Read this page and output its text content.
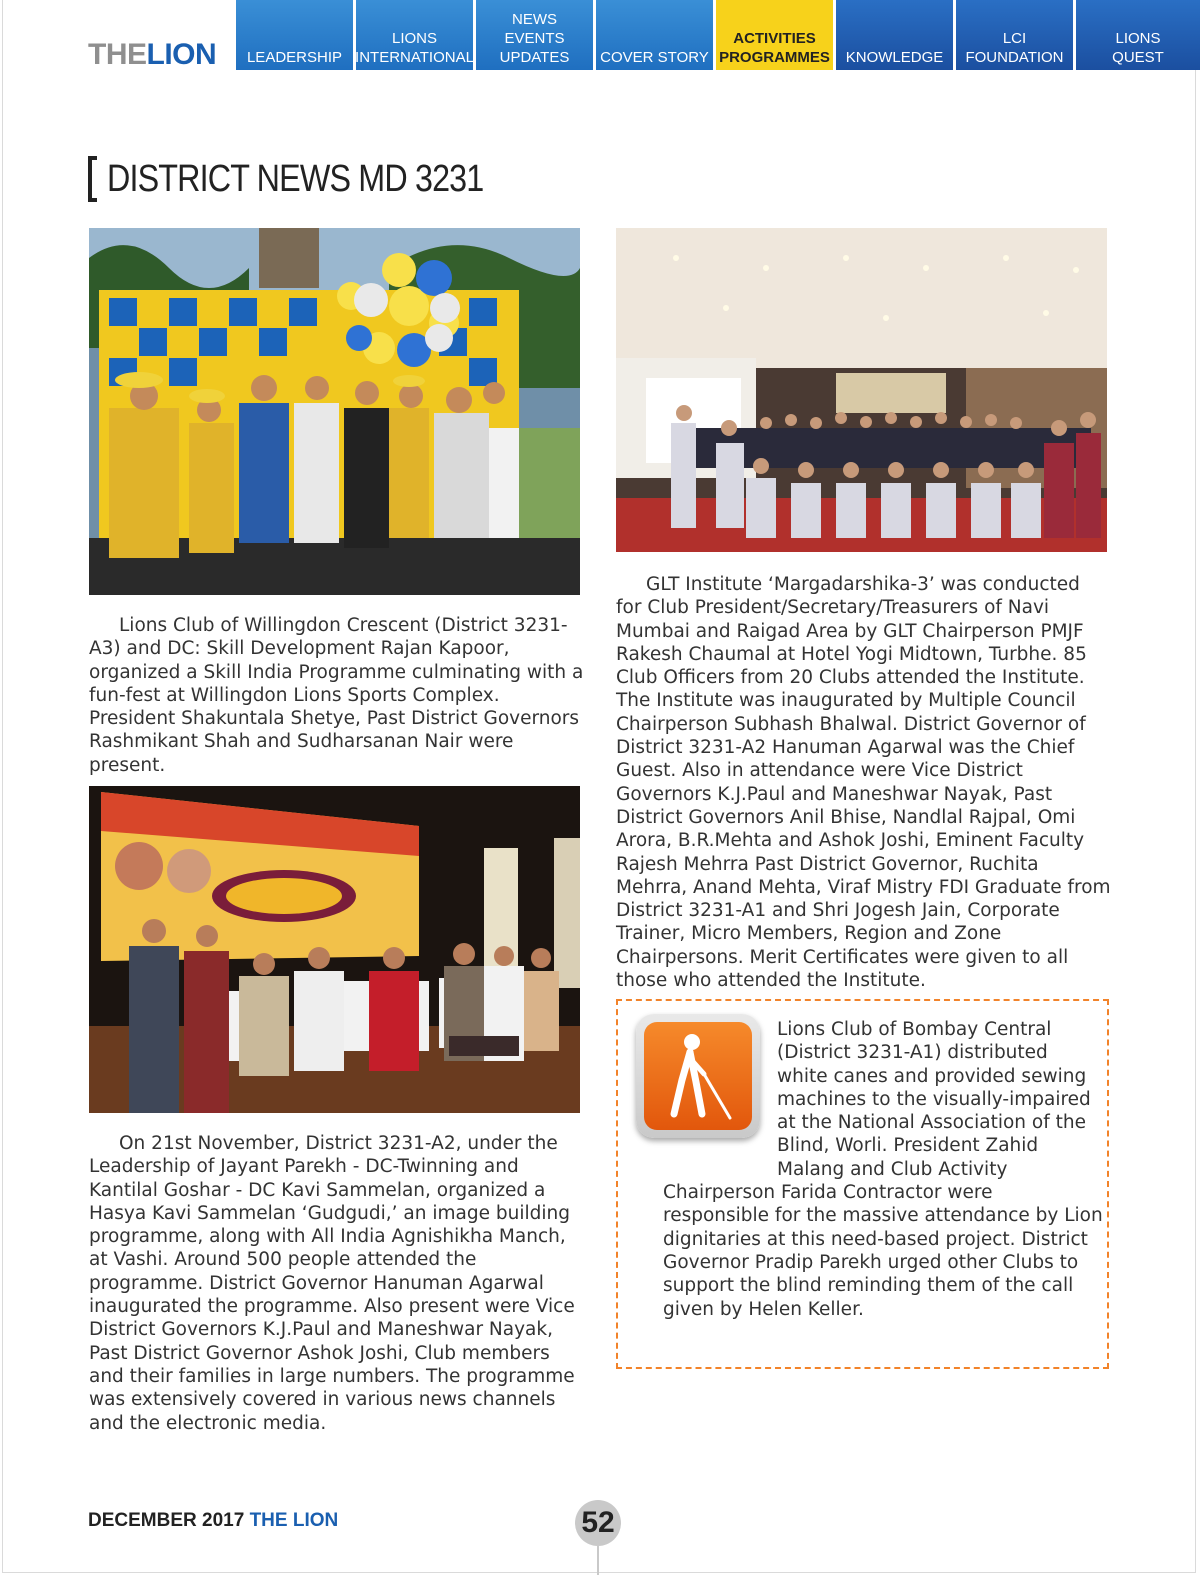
THELION	LEADERSHIP
LIONS
INTERNATIONAL
NEWS
EVENTS
UPDATES	COVER STORY
ACTIVITIES
PROGRAMMES	KNOWLEDGE
LCI
FOUNDATION
LIONS
QUEST
DISTRICT NEWS MD 3231

Lions Club of Willingdon Crescent (District 3231-A3) and DC: Skill Development Rajan Kapoor, organized a Skill India Programme culminating with a fun-fest at Willingdon Lions Sports Complex. President Shakuntala Shetye, Past District Governors Rashmikant Shah and Sudharsanan Nair were present.

On 21st November, District 3231-A2, under the Leadership of Jayant Parekh - DC-Twinning and Kantilal Goshar - DC Kavi Sammelan, organized a Hasya Kavi Sammelan ‘Gudgudi,’ an image building programme, along with All India Agnishikha Manch, at Vashi. Around 500 people attended the programme. District Governor Hanuman Agarwal inaugurated the programme. Also present were Vice District Governors K.J.Paul and Maneshwar Nayak, Past District Governor Ashok Joshi, Club members and their families in large numbers. The programme was extensively covered in various news channels and the electronic media.

GLT Institute ‘Margadarshika-3’ was conducted for Club President/Secretary/Treasurers of Navi Mumbai and Raigad Area by GLT Chairperson PMJF Rakesh Chaumal at Hotel Yogi Midtown, Turbhe. 85 Club Officers from 20 Clubs attended the Institute. The Institute was inaugurated by Multiple Council Chairperson Subhash Bhalwal. District Governor of District 3231-A2 Hanuman Agarwal was the Chief Guest. Also in attendance were Vice District Governors K.J.Paul and Maneshwar Nayak, Past District Governors Anil Bhise, Nandlal Rajpal, Omi Arora, B.R.Mehta and Ashok Joshi, Eminent Faculty Rajesh Mehrra Past District Governor, Ruchita Mehrra, Anand Mehta, Viraf Mistry FDI Graduate from District 3231-A1 and Shri Jogesh Jain, Corporate Trainer, Micro Members, Region and Zone Chairpersons. Merit Certificates were given to all those who attended the Institute.

Lions Club of Bombay Central (District 3231-A1) distributed white canes and provided sewing machines to the visually-impaired at the National Association of the Blind, Worli. President Zahid Malang and Club Activity Chairperson Farida Contractor were responsible for the massive attendance by Lion dignitaries at this need-based project. District Governor Pradip Parekh urged other Clubs to support the blind reminding them of the call given by Helen Keller.
DECEMBER 2017 THE LION	52
